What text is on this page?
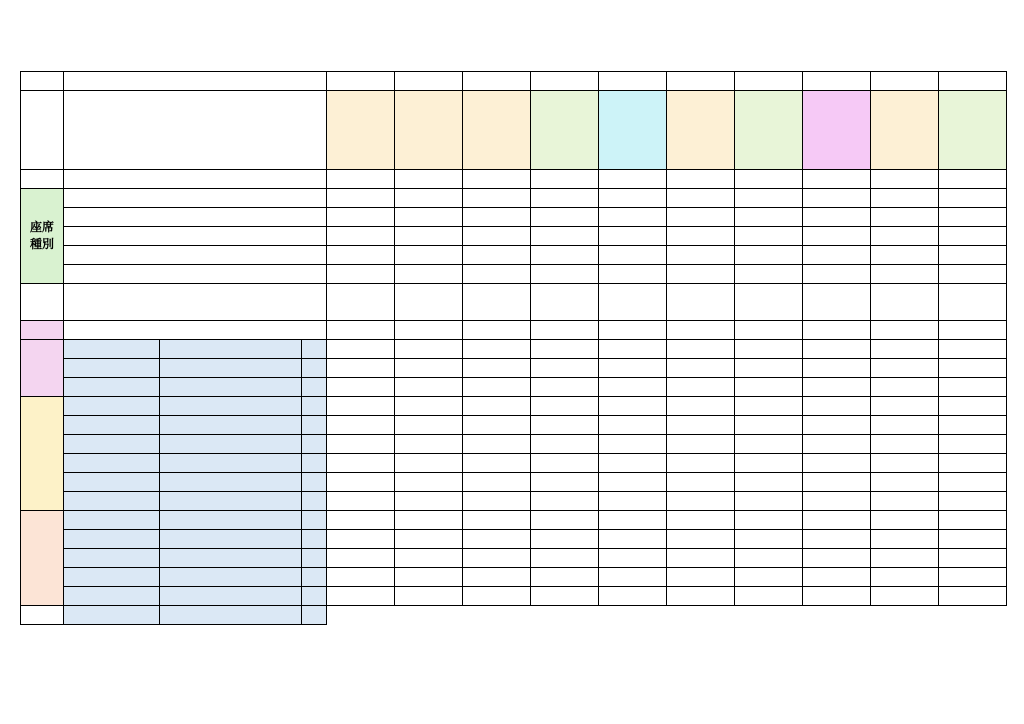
座席
種別													
